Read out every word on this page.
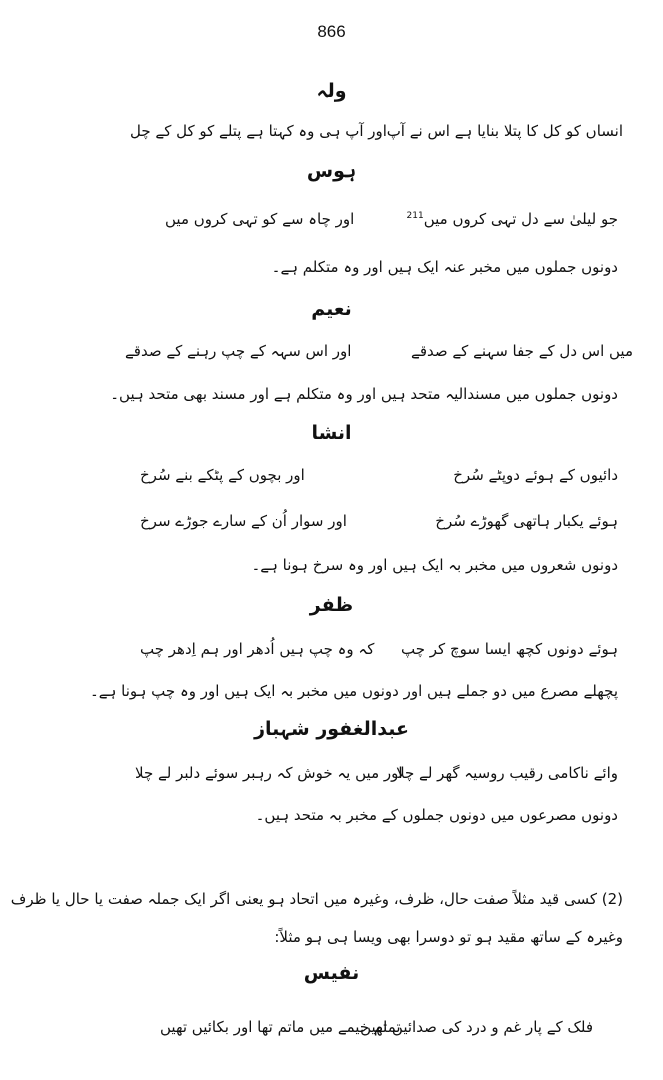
866
ولہ
انساں کو کل کا پتلا بنایا ہے اس نے آپ
اور آپ ہی وہ کہتا ہے پتلے کو کل کے چل
ہوس
جو لیلیٰ سے دل تہی کروں میں$^{211}$
اور چاہ سے کو تہی کروں میں
دونوں جملوں میں مخبر عنہ ایک ہیں اور وہ متکلم ہے۔
نعیم
میں اس دل کے جفا سہنے کے صدقے
اور اس سہہ کے چپ رہنے کے صدقے
دونوں جملوں میں مسندالیہ متحد ہیں اور وہ متکلم ہے اور مسند بھی متحد ہیں۔
انشا
دائیوں کے ہوئے دوپٹے سُرخ
اور بچوں کے پٹکے بنے سُرخ
ہوئے یکبار ہاتھی گھوڑے سُرخ
اور سوار اُن کے سارے جوڑے سرخ
دونوں شعروں میں مخبر بہ ایک ہیں اور وہ سرخ ہونا ہے۔
ظفر
ہوئے دونوں کچھ ایسا سوچ کر چپ
کہ وہ چپ ہیں اُدھر اور ہم اِدھر چپ
پچھلے مصرع میں دو جملے ہیں اور دونوں میں مخبر بہ ایک ہیں اور وہ چپ ہونا ہے۔
عبدالغفور شہباز
وائے ناکامی رقیب روسیہ گھر لے چلا
اور میں یہ خوش کہ رہبر سوئے دلبر لے چلا
دونوں مصرعوں میں دونوں جملوں کے مخبر بہ متحد ہیں۔
(2) کسی قید مثلاً صفت حال، ظرف، وغیرہ میں اتحاد ہو یعنی اگر ایک جملہ صفت یا حال یا ظرف
وغیرہ کے ساتھ مقید ہو تو دوسرا بھی ویسا ہی ہو مثلاً:
نفیس
فلک کے پار غم و درد کی صدائیں تھیں
تمام خیمے میں ماتم تھا اور بکائیں تھیں
